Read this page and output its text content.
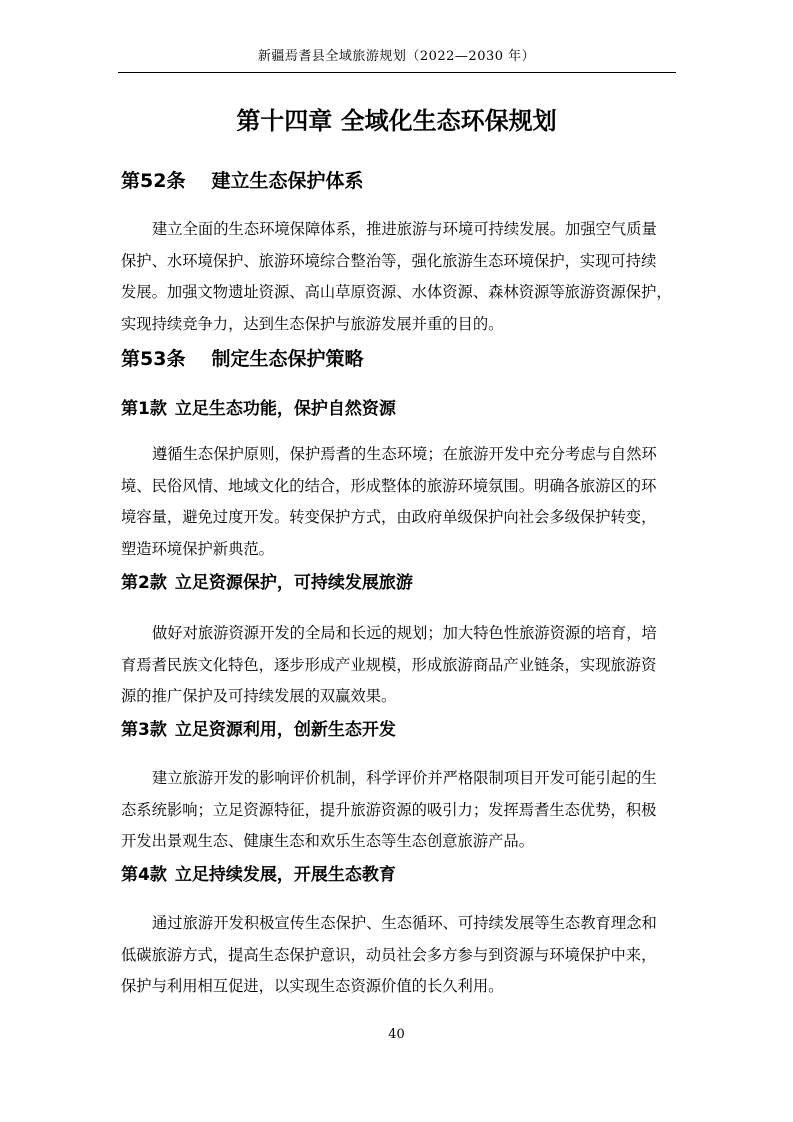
新疆焉耆县全域旅游规划（2022—2030 年）
第十四章 全域化生态环保规划
第52条 建立生态保护体系
建立全面的生态环境保障体系，推进旅游与环境可持续发展。加强空气质量
保护、水环境保护、旅游环境综合整治等，强化旅游生态环境保护，实现可持续
发展。加强文物遗址资源、高山草原资源、水体资源、森林资源等旅游资源保护，
实现持续竞争力，达到生态保护与旅游发展并重的目的。
第53条 制定生态保护策略
第1款 立足生态功能，保护自然资源
遵循生态保护原则，保护焉耆的生态环境；在旅游开发中充分考虑与自然环
境、民俗风情、地域文化的结合，形成整体的旅游环境氛围。明确各旅游区的环
境容量，避免过度开发。转变保护方式，由政府单级保护向社会多级保护转变，
塑造环境保护新典范。
第2款 立足资源保护，可持续发展旅游
做好对旅游资源开发的全局和长远的规划；加大特色性旅游资源的培育，培
育焉耆民族文化特色，逐步形成产业规模，形成旅游商品产业链条，实现旅游资
源的推广保护及可持续发展的双赢效果。
第3款 立足资源利用，创新生态开发
建立旅游开发的影响评价机制，科学评价并严格限制项目开发可能引起的生
态系统影响；立足资源特征，提升旅游资源的吸引力；发挥焉耆生态优势，积极
开发出景观生态、健康生态和欢乐生态等生态创意旅游产品。
第4款 立足持续发展，开展生态教育
通过旅游开发积极宣传生态保护、生态循环、可持续发展等生态教育理念和
低碳旅游方式，提高生态保护意识，动员社会多方参与到资源与环境保护中来，
保护与利用相互促进，以实现生态资源价值的长久利用。
40
